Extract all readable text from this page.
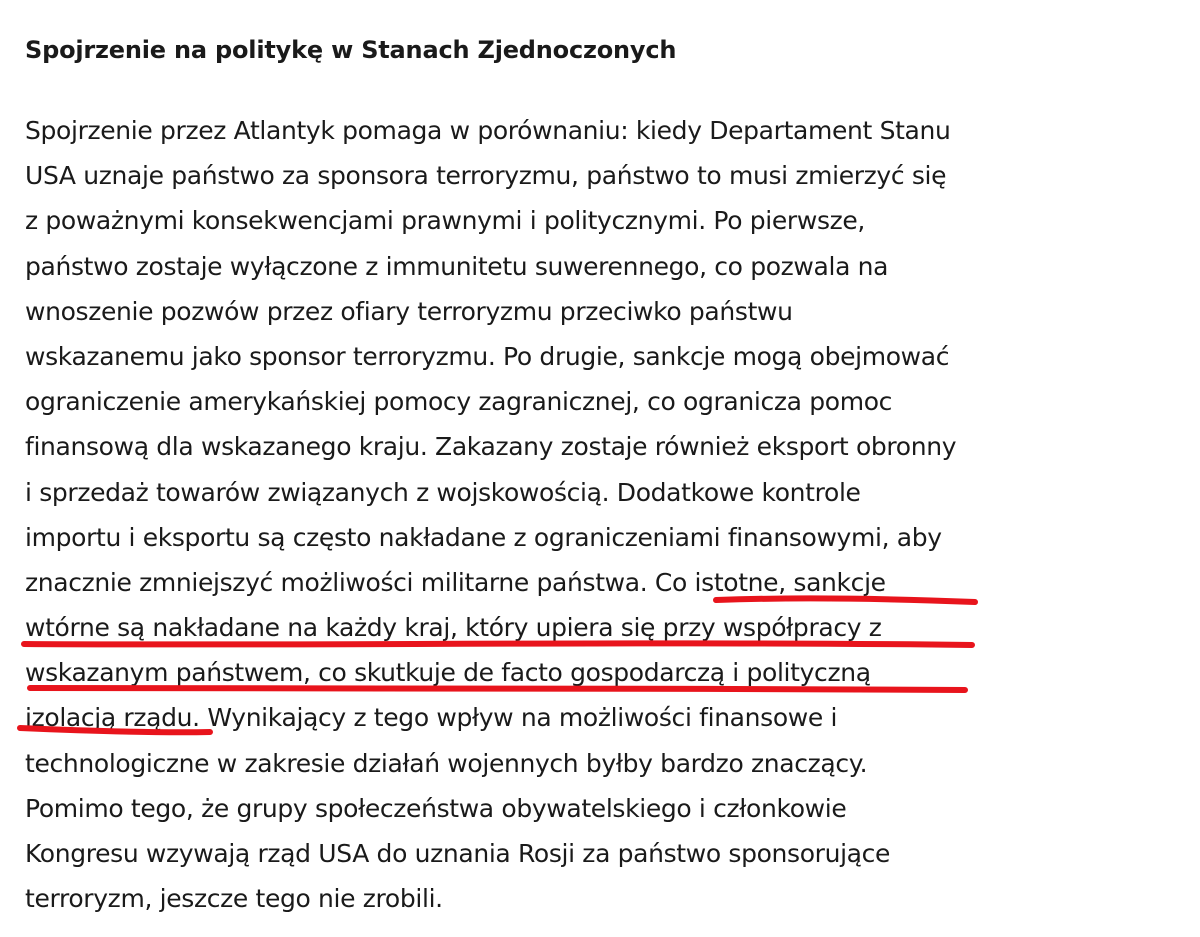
Spojrzenie na politykę w Stanach Zjednoczonych
Spojrzenie przez Atlantyk pomaga w porównaniu: kiedy Departament Stanu
USA uznaje państwo za sponsora terroryzmu, państwo to musi zmierzyć się
z poważnymi konsekwencjami prawnymi i politycznymi. Po pierwsze,
państwo zostaje wyłączone z immunitetu suwerennego, co pozwala na
wnoszenie pozwów przez ofiary terroryzmu przeciwko państwu
wskazanemu jako sponsor terroryzmu. Po drugie, sankcje mogą obejmować
ograniczenie amerykańskiej pomocy zagranicznej, co ogranicza pomoc
finansową dla wskazanego kraju. Zakazany zostaje również eksport obronny
i sprzedaż towarów związanych z wojskowością. Dodatkowe kontrole
importu i eksportu są często nakładane z ograniczeniami finansowymi, aby
znacznie zmniejszyć możliwości militarne państwa. Co istotne, sankcje
wtórne są nakładane na każdy kraj, który upiera się przy współpracy z
wskazanym państwem, co skutkuje de facto gospodarczą i polityczną
izolacją rządu. Wynikający z tego wpływ na możliwości finansowe i
technologiczne w zakresie działań wojennych byłby bardzo znaczący.
Pomimo tego, że grupy społeczeństwa obywatelskiego i członkowie
Kongresu wzywają rząd USA do uznania Rosji za państwo sponsorujące
terroryzm, jeszcze tego nie zrobili.
